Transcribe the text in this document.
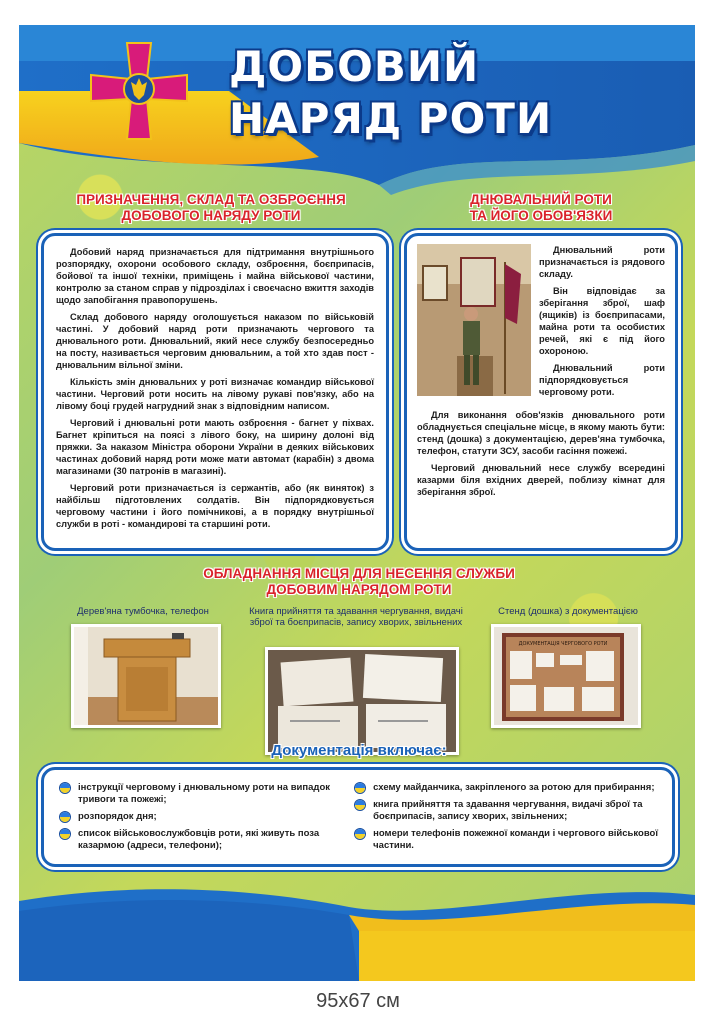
ДОБОВИЙ
НАРЯД РОТИ
ПРИЗНАЧЕННЯ, СКЛАД ТА ОЗБРОЄННЯ
ДОБОВОГО НАРЯДУ РОТИ

Добовий наряд призначається для підтримання внутрішнього розпорядку, охорони особового складу, озброєння, боєприпасів, бойової та іншої техніки, приміщень і майна військової частини, контролю за станом справ у підрозділах і своєчасно вжиття заходів щодо запобігання правопорушень.

Склад добового наряду оголошується наказом по військовій частині. У добовий наряд роти призначають чергового та днювального роти. Днювальний, який несе службу безпосередньо на посту, називається черговим днювальним, а той хто здав пост - днювальним вільної зміни.

Кількість змін днювальних у роті визначає командир військової частини. Черговий роти носить на лівому рукаві пов'язку, або на лівому боці грудей нагрудний знак з відповідним написом.

Черговий і днювальні роти мають озброєння - багнет у піхвах. Багнет кріпиться на поясі з лівого боку, на ширину долоні від пряжки. За наказом Міністра оборони України в деяких військових частинах добовий наряд роти може мати автомат (карабін) з двома магазинами (30 патронів в магазині).

Черговий роти призначається із сержантів, або (як виняток) з найбільш підготовлених солдатів. Він підпорядковується черговому частини і його помічникові, а в порядку внутрішньої служби в роті - командирові та старшині роти.

ДНЮВАЛЬНИЙ РОТИ
ТА ЙОГО ОБОВ'ЯЗКИ

Днювальний роти призначається із рядового складу.

Він відповідає за зберігання зброї, шаф (ящиків) із боєприпасами, майна роти та особистих речей, які є під його охороною.

Днювальний роти підпорядковується черговому роти.

Для виконання обов'язків днювального роти обладнується спеціальне місце, в якому мають бути: стенд (дошка) з документацією, дерев'яна тумбочка, телефон, статути ЗСУ, засоби гасіння пожежі.

Черговий днювальний несе службу всередині казарми біля вхідних дверей, поблизу кімнат для зберігання зброї.

ОБЛАДНАННЯ МІСЦЯ ДЛЯ НЕСЕННЯ СЛУЖБИ
ДОБОВИМ НАРЯДОМ РОТИ

Дерев'яна тумбочка, телефон	Книга прийняття та здавання чергування, видачі зброї та боєприпасів, запису хворих, звільнених

Стенд (дошка) з документацією

ДОКУМЕНТАЦІЯ ЧЕРГОВОГО РОТИ
Документація включає:
інструкції черговому і днювальному роти на випадок тривоги та пожежі;
розпорядок дня;
список військовослужбовців роти, які живуть поза казармою (адреси, телефони);
схему майданчика, закріпленого за ротою для прибирання;
книга прийняття та здавання чергування, видачі зброї та боєприпасів, запису хворих, звільнених;
номери телефонів пожежної команди і чергового військової частини.

95x67 см
